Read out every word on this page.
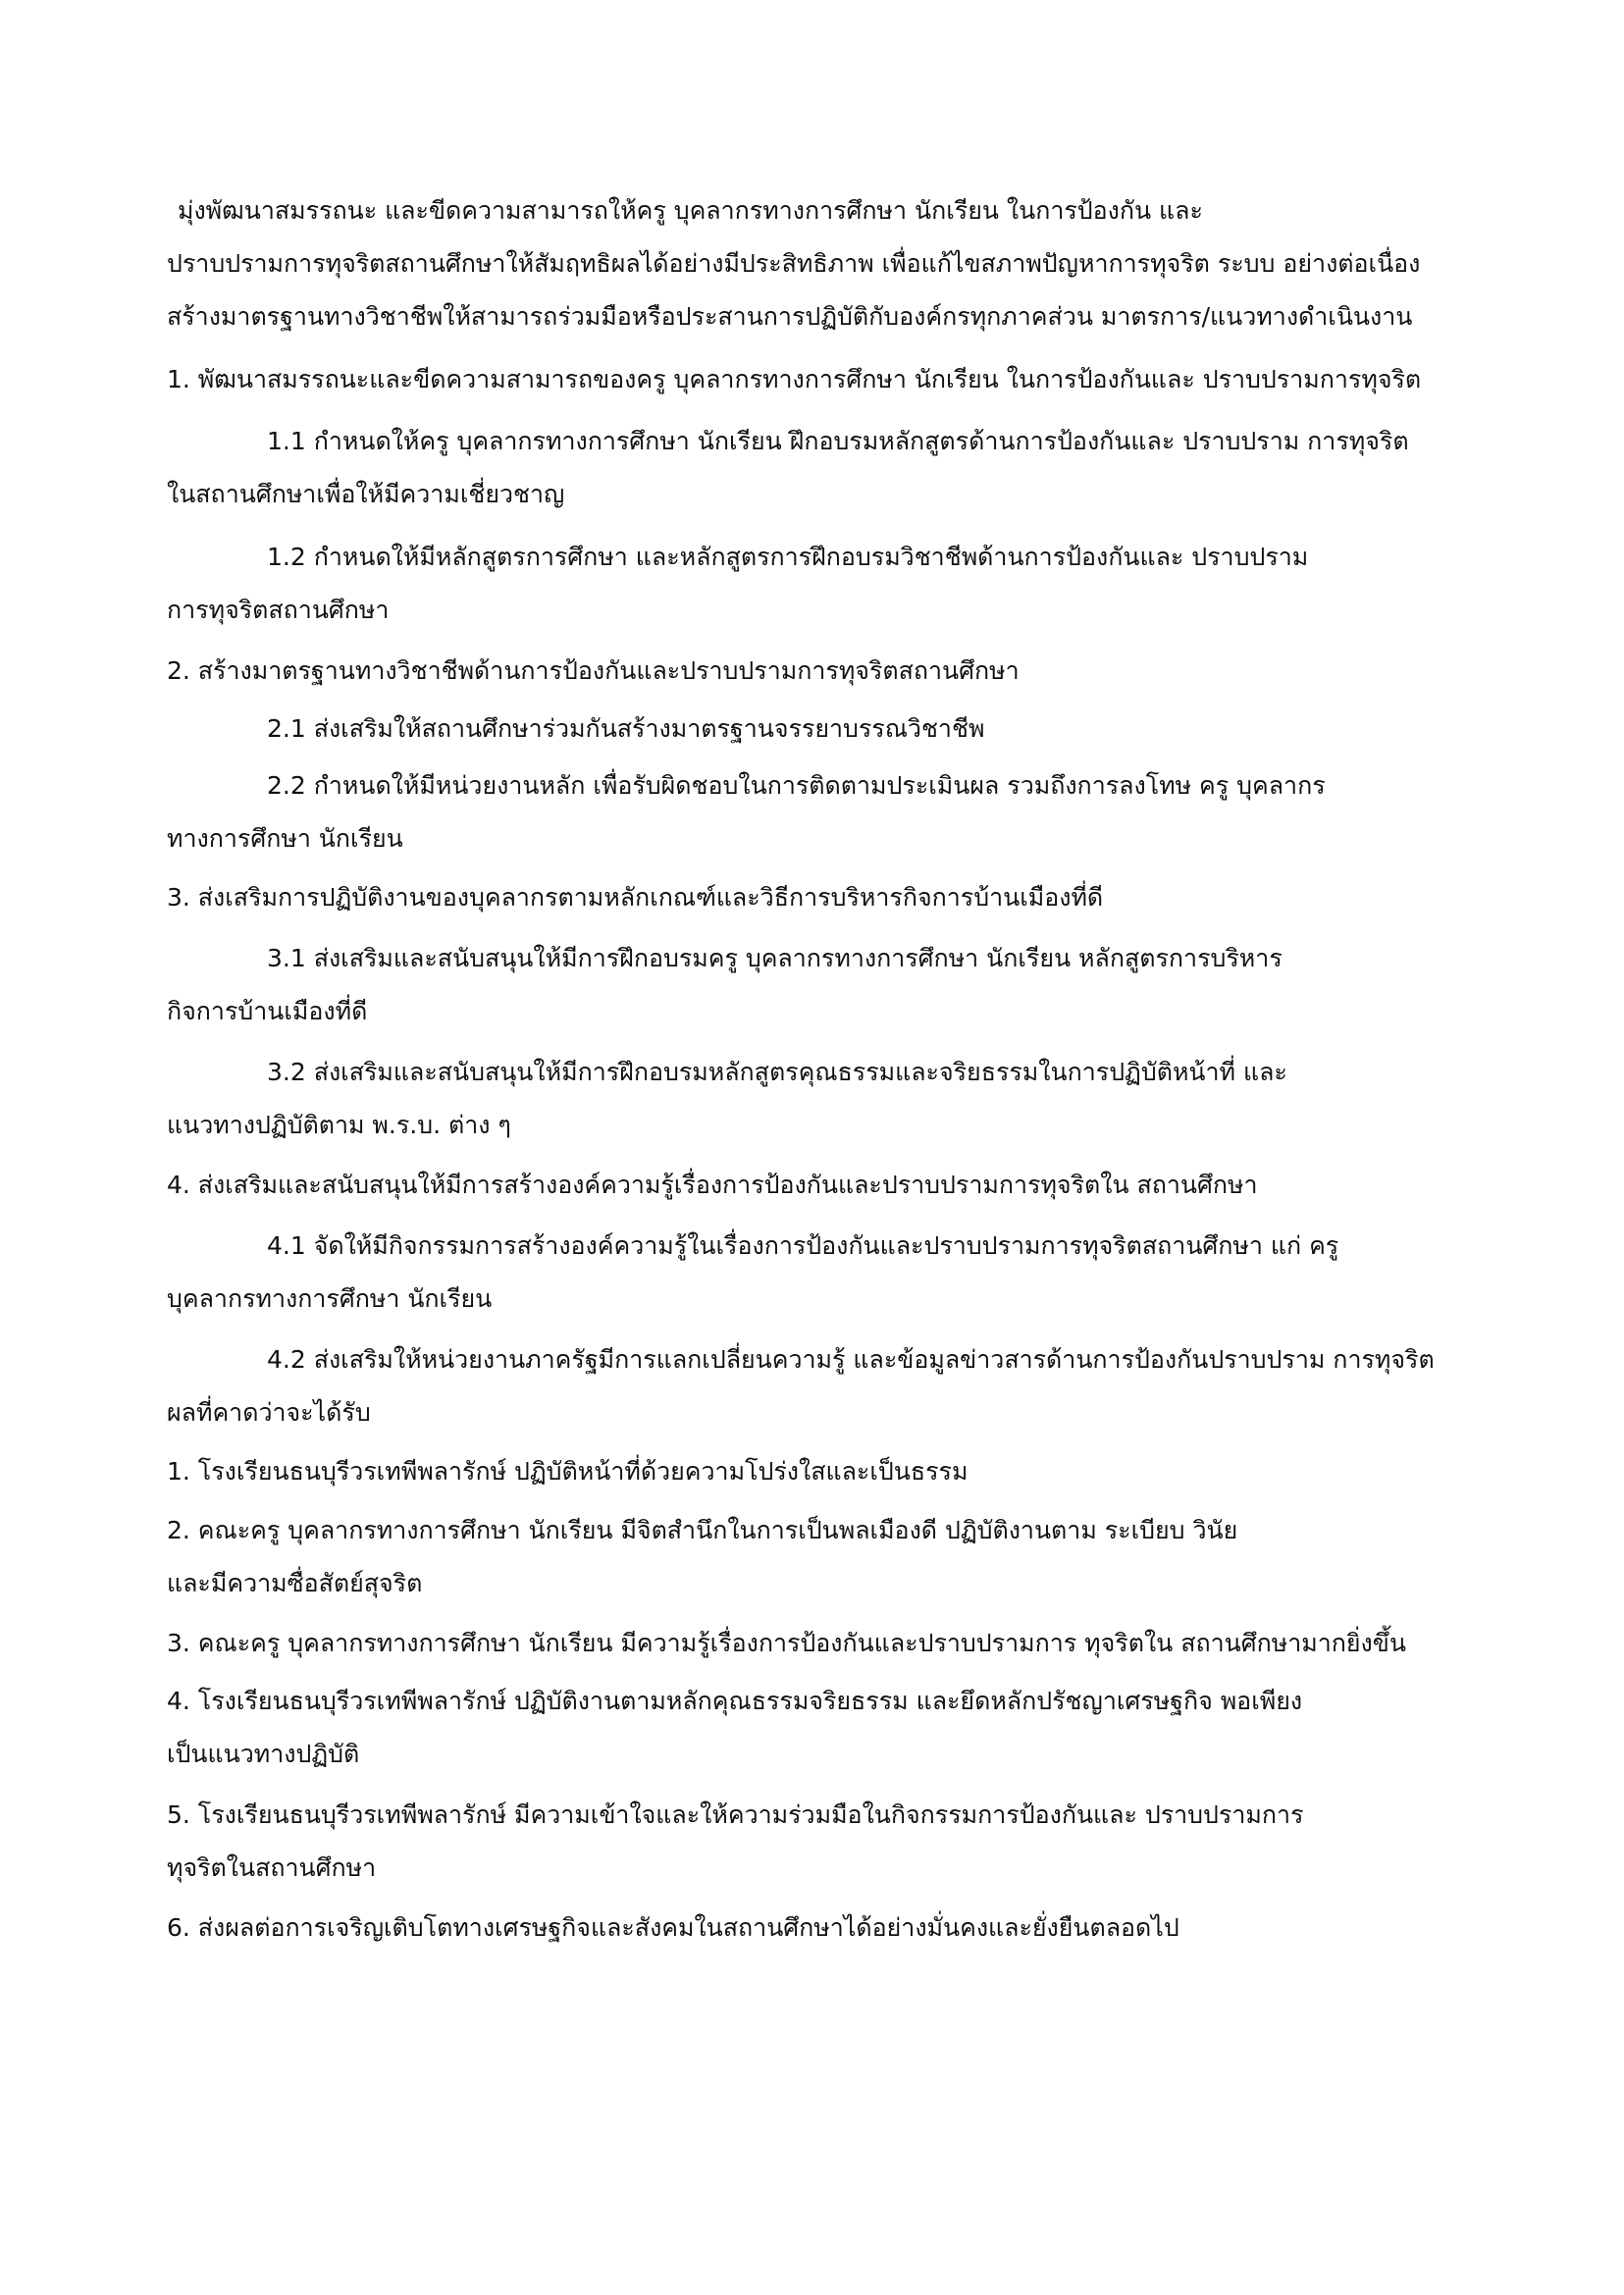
มุ่งพัฒนาสมรรถนะ และขีดความสามารถให้ครู บุคลากรทางการศึกษา นักเรียน ในการป้องกัน และ
ปราบปรามการทุจริตสถานศึกษาให้สัมฤทธิผลได้อย่างมีประสิทธิภาพ เพื่อแก้ไขสภาพปัญหาการทุจริต ระบบ อย่างต่อเนื่อง
สร้างมาตรฐานทางวิชาชีพให้สามารถร่วมมือหรือประสานการปฏิบัติกับองค์กรทุกภาคส่วน มาตรการ/แนวทางดำเนินงาน
1. พัฒนาสมรรถนะและขีดความสามารถของครู บุคลากรทางการศึกษา นักเรียน ในการป้องกันและ ปราบปรามการทุจริต
1.1 กำหนดให้ครู บุคลากรทางการศึกษา นักเรียน ฝึกอบรมหลักสูตรด้านการป้องกันและ ปราบปราม การทุจริต
ในสถานศึกษาเพื่อให้มีความเชี่ยวชาญ
1.2 กำหนดให้มีหลักสูตรการศึกษา และหลักสูตรการฝึกอบรมวิชาชีพด้านการป้องกันและ ปราบปราม
การทุจริตสถานศึกษา
2. สร้างมาตรฐานทางวิชาชีพด้านการป้องกันและปราบปรามการทุจริตสถานศึกษา
2.1 ส่งเสริมให้สถานศึกษาร่วมกันสร้างมาตรฐานจรรยาบรรณวิชาชีพ
2.2 กำหนดให้มีหน่วยงานหลัก เพื่อรับผิดชอบในการติดตามประเมินผล รวมถึงการลงโทษ ครู บุคลากร
ทางการศึกษา นักเรียน
3. ส่งเสริมการปฏิบัติงานของบุคลากรตามหลักเกณฑ์และวิธีการบริหารกิจการบ้านเมืองที่ดี
3.1 ส่งเสริมและสนับสนุนให้มีการฝึกอบรมครู บุคลากรทางการศึกษา นักเรียน หลักสูตรการบริหาร
กิจการบ้านเมืองที่ดี
3.2 ส่งเสริมและสนับสนุนให้มีการฝึกอบรมหลักสูตรคุณธรรมและจริยธรรมในการปฏิบัติหน้าที่ และ
แนวทางปฏิบัติตาม พ.ร.บ. ต่าง ๆ
4. ส่งเสริมและสนับสนุนให้มีการสร้างองค์ความรู้เรื่องการป้องกันและปราบปรามการทุจริตใน สถานศึกษา
4.1 จัดให้มีกิจกรรมการสร้างองค์ความรู้ในเรื่องการป้องกันและปราบปรามการทุจริตสถานศึกษา แก่ ครู
บุคลากรทางการศึกษา นักเรียน
4.2 ส่งเสริมให้หน่วยงานภาครัฐมีการแลกเปลี่ยนความรู้ และข้อมูลข่าวสารด้านการป้องกันปราบปราม การทุจริต
ผลที่คาดว่าจะได้รับ
1. โรงเรียนธนบุรีวรเทพีพลารักษ์ ปฏิบัติหน้าที่ด้วยความโปร่งใสและเป็นธรรม
2. คณะครู บุคลากรทางการศึกษา นักเรียน มีจิตสำนึกในการเป็นพลเมืองดี ปฏิบัติงานตาม ระเบียบ วินัย
และมีความซื่อสัตย์สุจริต
3. คณะครู บุคลากรทางการศึกษา นักเรียน มีความรู้เรื่องการป้องกันและปราบปรามการ ทุจริตใน สถานศึกษามากยิ่งขึ้น
4. โรงเรียนธนบุรีวรเทพีพลารักษ์ ปฏิบัติงานตามหลักคุณธรรมจริยธรรม และยึดหลักปรัชญาเศรษฐกิจ พอเพียง
เป็นแนวทางปฏิบัติ
5. โรงเรียนธนบุรีวรเทพีพลารักษ์ มีความเข้าใจและให้ความร่วมมือในกิจกรรมการป้องกันและ ปราบปรามการ
ทุจริตในสถานศึกษา
6. ส่งผลต่อการเจริญเติบโตทางเศรษฐกิจและสังคมในสถานศึกษาได้อย่างมั่นคงและยั่งยืนตลอดไป
